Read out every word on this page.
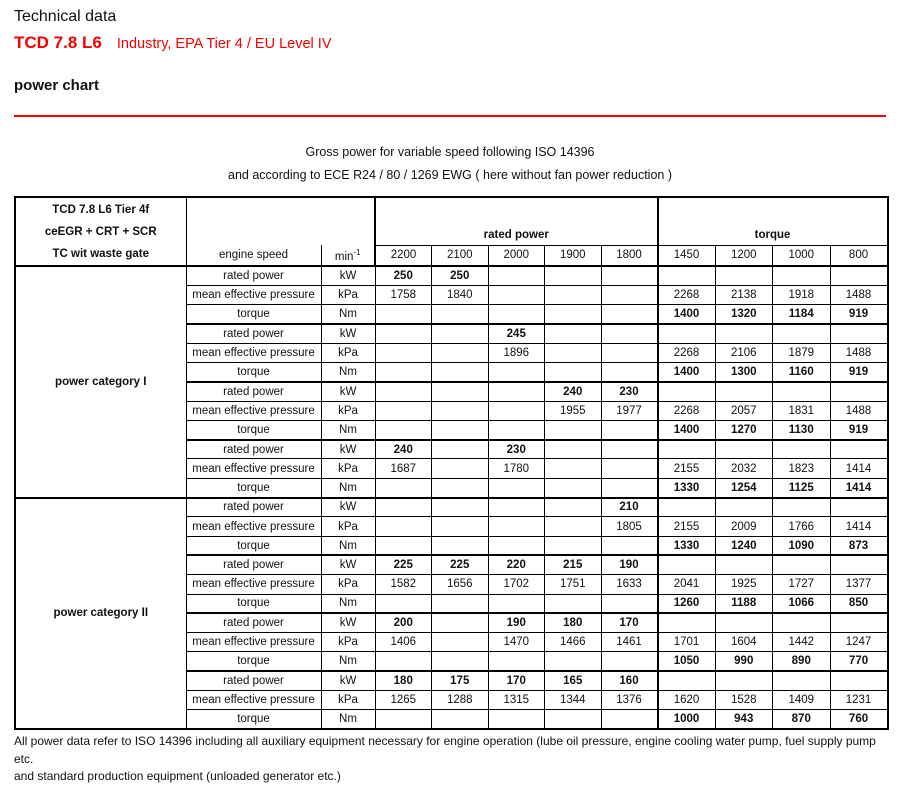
Technical data
TCD 7.8 L6 Industry, EPA Tier 4 / EU Level IV
power chart
Gross power for variable speed following ISO 14396
and according to ECE R24 / 80 / 1269 EWG ( here without fan power reduction )
TCD 7.8 L6 Tier 4f
ceEGR + CRT + SCR
TC wit waste gate			rated power					torque			
	engine speed	$\min^{-1}$	2200	2100	2000	1900	1800	1450	1200	1000	800
power category I	rated power	kW	250	250							
	mean effective pressure	kPa	1758	1840				2268	2138	1918	1488
	torque	Nm						1400	1320	1184	919
	rated power	kW			245						
	mean effective pressure	kPa			1896			2268	2106	1879	1488
	torque	Nm						1400	1300	1160	919
	rated power	kW				240	230				
	mean effective pressure	kPa				1955	1977	2268	2057	1831	1488
	torque	Nm						1400	1270	1130	919
	rated power	kW	240		230						
	mean effective pressure	kPa	1687		1780			2155	2032	1823	1414
	torque	Nm						1330	1254	1125	1414
power category II	rated power	kW					210				
	mean effective pressure	kPa					1805	2155	2009	1766	1414
	torque	Nm						1330	1240	1090	873
	rated power	kW	225	225	220	215	190				
	mean effective pressure	kPa	1582	1656	1702	1751	1633	2041	1925	1727	1377
	torque	Nm						1260	1188	1066	850
	rated power	kW	200		190	180	170				
	mean effective pressure	kPa	1406		1470	1466	1461	1701	1604	1442	1247
	torque	Nm						1050	990	890	770
	rated power	kW	180	175	170	165	160				
	mean effective pressure	kPa	1265	1288	1315	1344	1376	1620	1528	1409	1231
	torque	Nm						1000	943	870	760
All power data refer to ISO 14396 including all auxiliary equipment necessary for engine operation (lube oil pressure, engine cooling water pump, fuel supply pump etc.
and standard production equipment (unloaded generator etc.)
